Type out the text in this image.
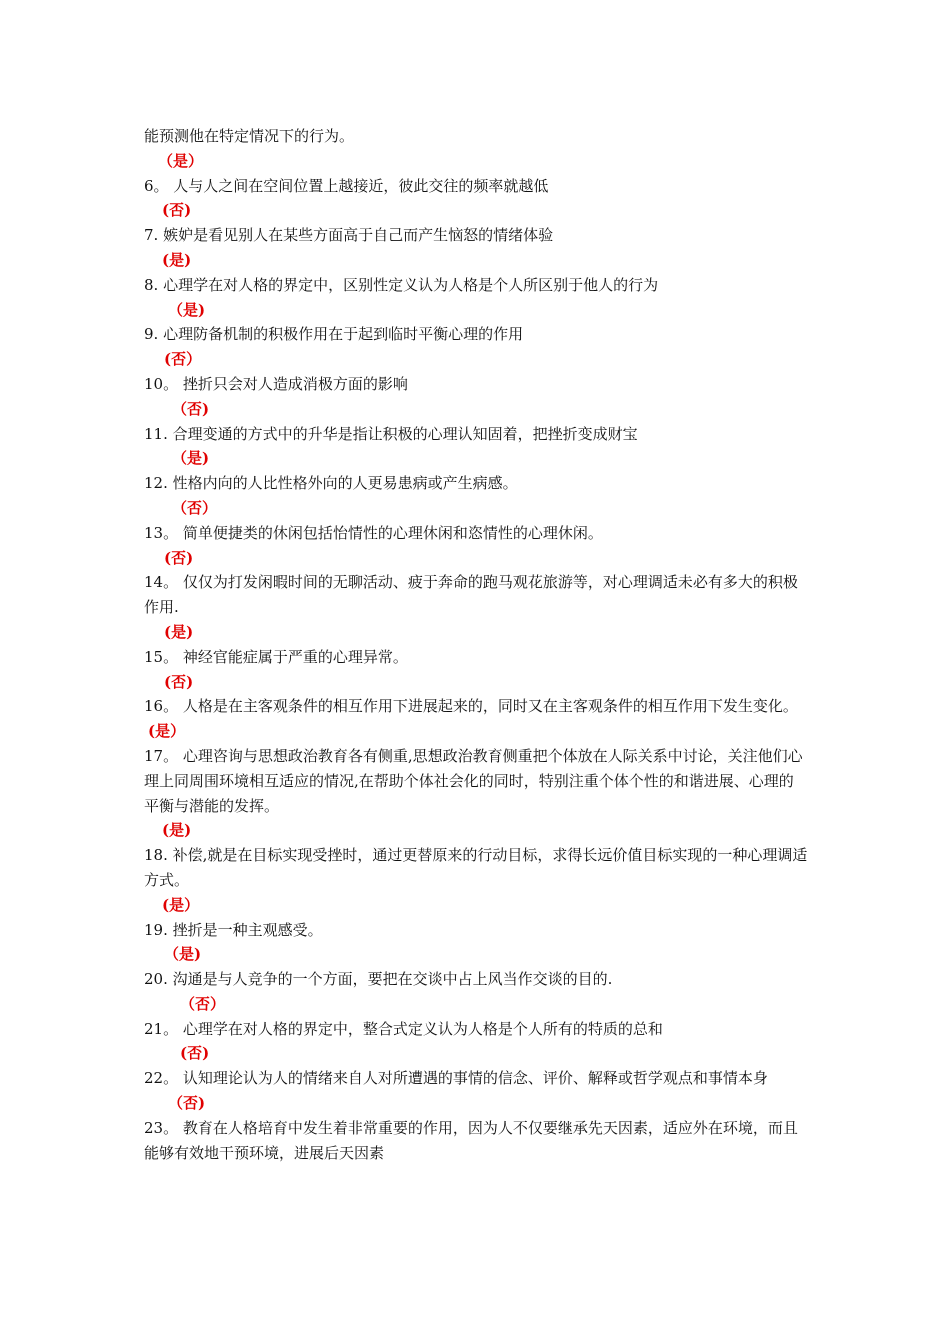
能预测他在特定情况下的行为。

（是）

6。 人与人之间在空间位置上越接近，彼此交往的频率就越低

(否)

7. 嫉妒是看见别人在某些方面高于自己而产生恼怒的情绪体验

(是)

8. 心理学在对人格的界定中，区别性定义认为人格是个人所区别于他人的行为

（是)

9. 心理防备机制的积极作用在于起到临时平衡心理的作用

(否）

10。 挫折只会对人造成消极方面的影响

（否)

11. 合理变通的方式中的升华是指让积极的心理认知固着，把挫折变成财宝

（是)

12. 性格内向的人比性格外向的人更易患病或产生病感。

（否）

13。 简单便捷类的休闲包括怡情性的心理休闲和恣情性的心理休闲。

(否)

14。 仅仅为打发闲暇时间的无聊活动、疲于奔命的跑马观花旅游等，对心理调适未必有多大的积极作用.

(是)

15。 神经官能症属于严重的心理异常。

(否)

16。 人格是在主客观条件的相互作用下进展起来的，同时又在主客观条件的相互作用下发生变化。

(是）

17。 心理咨询与思想政治教育各有侧重,思想政治教育侧重把个体放在人际关系中讨论，关注他们心理上同周围环境相互适应的情况,在帮助个体社会化的同时，特别注重个体个性的和谐进展、心理的平衡与潜能的发挥。

(是)

18. 补偿,就是在目标实现受挫时，通过更替原来的行动目标，求得长远价值目标实现的一种心理调适方式。

(是）

19. 挫折是一种主观感受。

（是)

20. 沟通是与人竞争的一个方面，要把在交谈中占上风当作交谈的目的.

（否）

21。 心理学在对人格的界定中，整合式定义认为人格是个人所有的特质的总和

(否)

22。 认知理论认为人的情绪来自人对所遭遇的事情的信念、评价、解释或哲学观点和事情本身

（否)

23。 教育在人格培育中发生着非常重要的作用，因为人不仅要继承先天因素，适应外在环境，而且能够有效地干预环境，进展后天因素
